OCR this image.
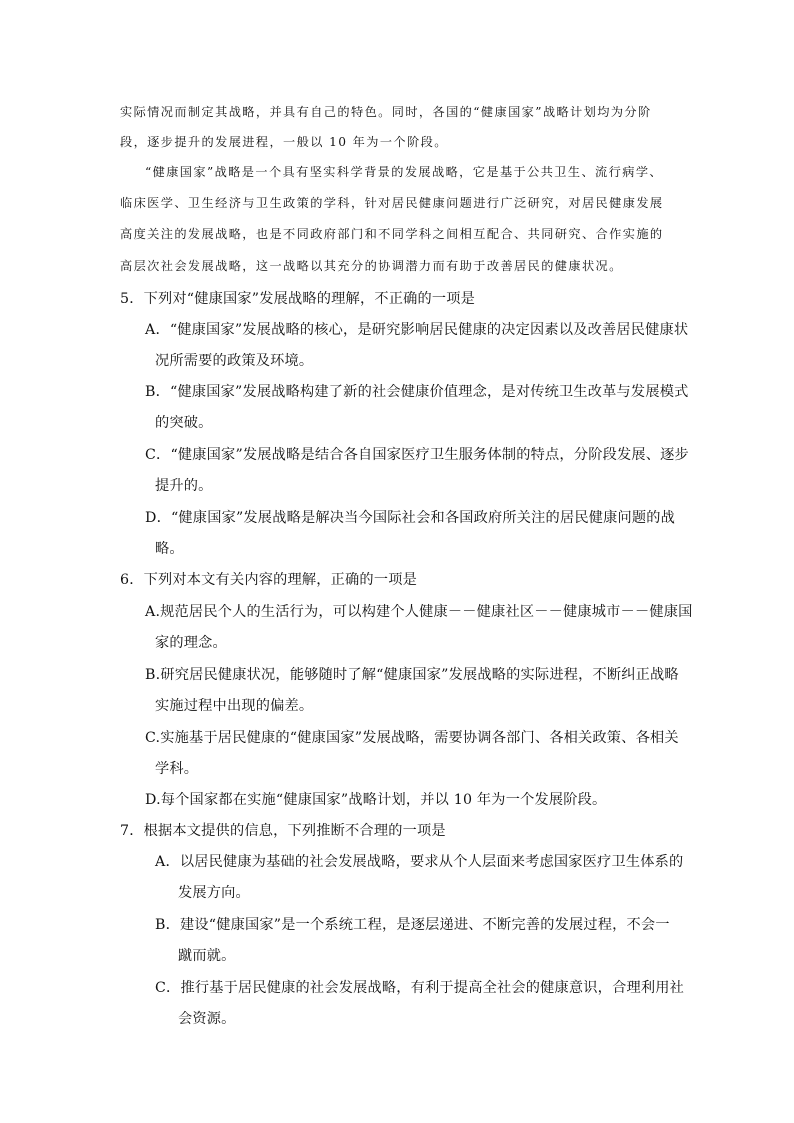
实际情况而制定其战略，并具有自己的特色。同时，各国的“健康国家”战略计划均为分阶
段，逐步提升的发展进程，一般以 10 年为一个阶段。
“健康国家”战略是一个具有坚实科学背景的发展战略，它是基于公共卫生、流行病学、
临床医学、卫生经济与卫生政策的学科，针对居民健康问题进行广泛研究，对居民健康发展
高度关注的发展战略，也是不同政府部门和不同学科之间相互配合、共同研究、合作实施的
高层次社会发展战略，这一战略以其充分的协调潜力而有助于改善居民的健康状况。
5．下列对“健康国家”发展战略的理解，不正确的一项是
A．“健康国家”发展战略的核心，是研究影响居民健康的决定因素以及改善居民健康状
况所需要的政策及环境。
B．“健康国家”发展战略构建了新的社会健康价值理念，是对传统卫生改革与发展模式
的突破。
C．“健康国家”发展战略是结合各自国家医疗卫生服务体制的特点，分阶段发展、逐步
提升的。
D．“健康国家”发展战略是解决当今国际社会和各国政府所关注的居民健康问题的战
略。
6．下列对本文有关内容的理解，正确的一项是
A.规范居民个人的生活行为，可以构建个人健康－－健康社区－－健康城市－－健康国
家的理念。
B.研究居民健康状况，能够随时了解“健康国家”发展战略的实际进程，不断纠正战略
实施过程中出现的偏差。
C.实施基于居民健康的“健康国家”发展战略，需要协调各部门、各相关政策、各相关
学科。
D.每个国家都在实施“健康国家”战略计划，并以 10 年为一个发展阶段。
7．根据本文提供的信息，下列推断不合理的一项是
A．以居民健康为基础的社会发展战略，要求从个人层面来考虑国家医疗卫生体系的
发展方向。
B．建设“健康国家”是一个系统工程，是逐层递进、不断完善的发展过程，不会一
蹴而就。
C．推行基于居民健康的社会发展战略，有利于提高全社会的健康意识，合理利用社
会资源。
